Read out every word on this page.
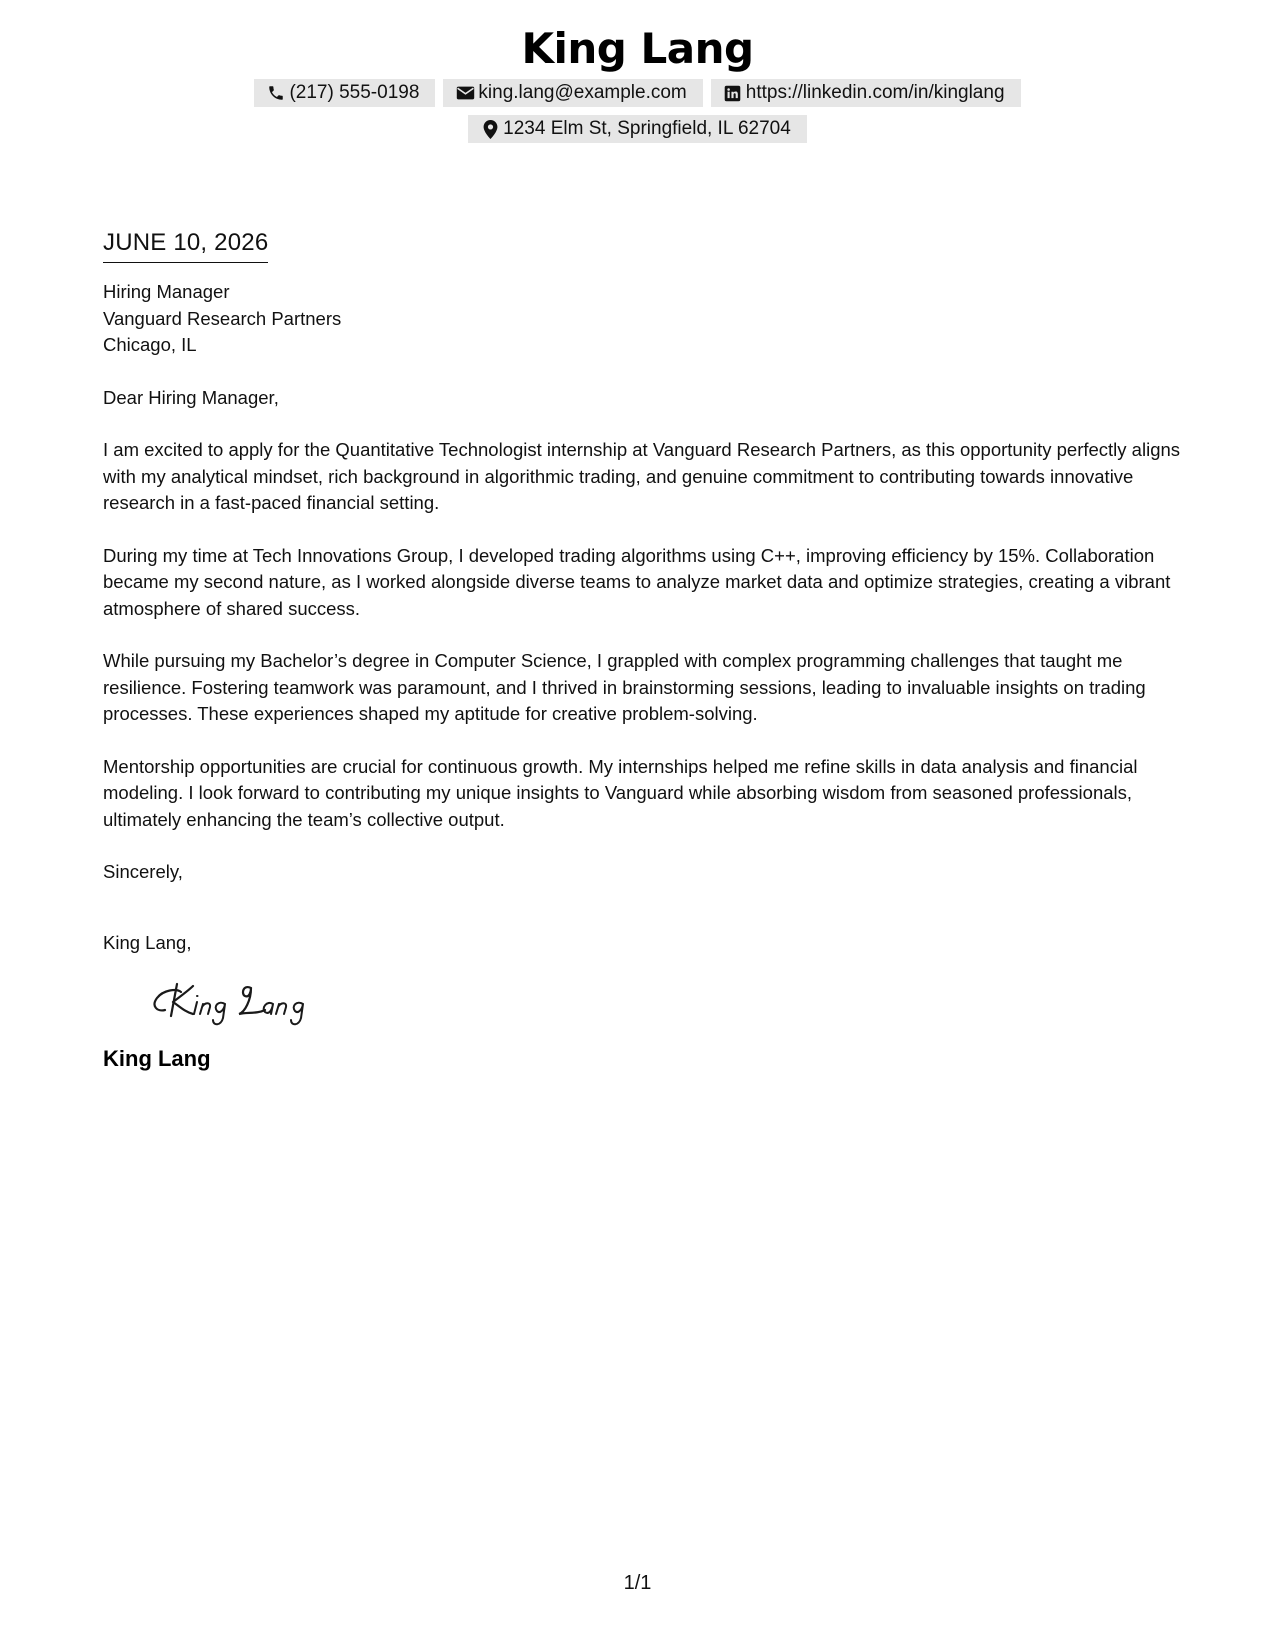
King Lang
(217) 555-0198	king.lang@example.com	https://linkedin.com/in/kinglang
1234 Elm St, Springfield, IL 62704
JUNE 10, 2026
Hiring Manager
Vanguard Research Partners
Chicago, IL
Dear Hiring Manager,

I am excited to apply for the Quantitative Technologist internship at Vanguard Research Partners, as this opportunity perfectly aligns with my analytical mindset, rich background in algorithmic trading, and genuine commitment to contributing towards innovative research in a fast-paced financial setting.

During my time at Tech Innovations Group, I developed trading algorithms using C++, improving efficiency by 15%. Collaboration became my second nature, as I worked alongside diverse teams to analyze market data and optimize strategies, creating a vibrant atmosphere of shared success.

While pursuing my Bachelor’s degree in Computer Science, I grappled with complex programming challenges that taught me resilience. Fostering teamwork was paramount, and I thrived in brainstorming sessions, leading to invaluable insights on trading processes. These experiences shaped my aptitude for creative problem-solving.

Mentorship opportunities are crucial for continuous growth. My internships helped me refine skills in data analysis and financial modeling. I look forward to contributing my unique insights to Vanguard while absorbing wisdom from seasoned professionals, ultimately enhancing the team’s collective output.

Sincerely,
King Lang,
King Lang
1/1
